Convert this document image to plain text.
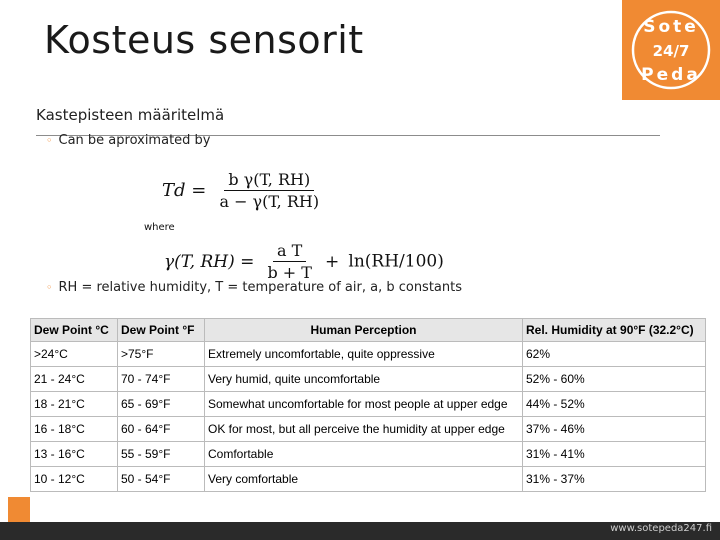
Kosteus sensorit	Sote
24/7
Peda
Kastepisteen määritelmä
◦ Can be aproximated by
$Td = \frac{\text{b γ(T, RH)}}{a - \gamma(T, RH)}$
where
γ(T, $RH) = \frac{\text{a T}}{b + T} + \ln(RH/100)$
◦ RH = relative humidity, T = temperature of air, a, b constants
Dew Point °C	Dew Point °F	Human Perception	Rel. Humidity at 90°F (32.2°C)
>24°C	>75°F	Extremely uncomfortable, quite oppressive	62%
21 - 24°C	70 - 74°F	Very humid, quite uncomfortable	52% - 60%
18 - 21°C	65 - 69°F	Somewhat uncomfortable for most people at upper edge	44% - 52%
16 - 18°C	60 - 64°F	OK for most, but all perceive the humidity at upper edge	37% - 46%
13 - 16°C	55 - 59°F	Comfortable	31% - 41%
10 - 12°C	50 - 54°F	Very comfortable	31% - 37%
www.sotepeda247.fi
